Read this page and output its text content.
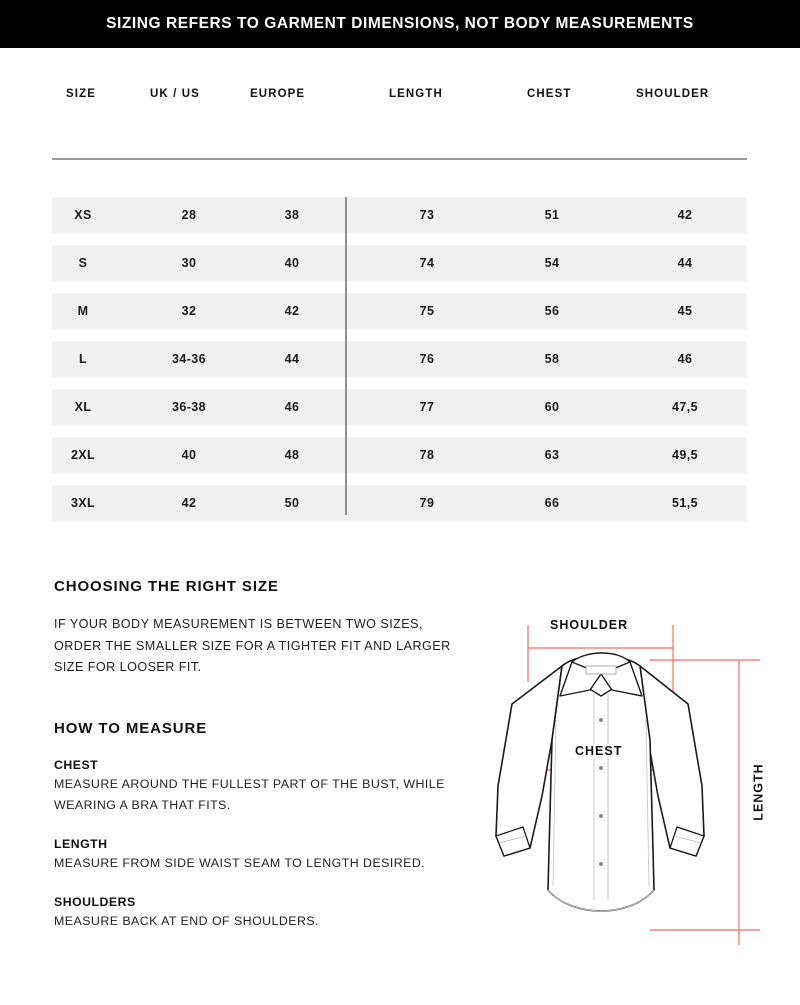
SIZING REFERS TO GARMENT DIMENSIONS, NOT BODY MEASUREMENTS
SIZE	UK / US	EUROPE	LENGTH	CHEST	SHOULDER
XS	28	38	73	51	42
S	30	40	74	54	44
M	32	42	75	56	45
L	34-36	44	76	58	46
XL	36-38	46	77	60	47,5
2XL	40	48	78	63	49,5
3XL	42	50	79	66	51,5
CHOOSING THE RIGHT SIZE
IF YOUR BODY MEASUREMENT IS BETWEEN TWO SIZES, ORDER THE SMALLER SIZE FOR A TIGHTER FIT AND LARGER SIZE FOR LOOSER FIT.
HOW TO MEASURE
CHEST
MEASURE AROUND THE FULLEST PART OF THE BUST, WHILE WEARING A BRA THAT FITS.
LENGTH
MEASURE FROM SIDE WAIST SEAM TO LENGTH DESIRED.
SHOULDERS
MEASURE BACK AT END OF SHOULDERS.
SHOULDER
CHEST
LENGTH
